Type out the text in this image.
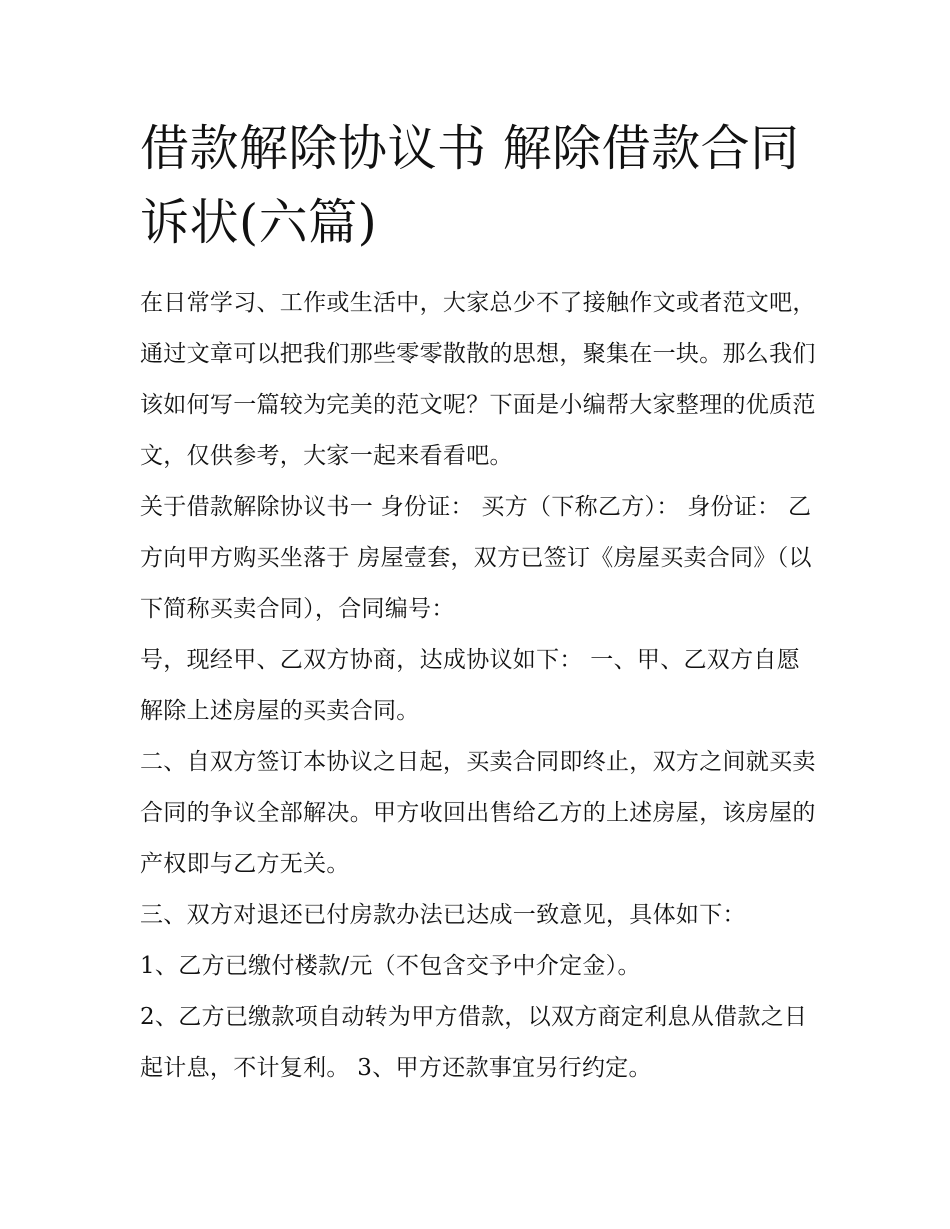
借款解除协议书 解除借款合同诉状(六篇)

在日常学习、工作或生活中，大家总少不了接触作文或者范文吧，通过文章可以把我们那些零零散散的思想，聚集在一块。那么我们该如何写一篇较为完美的范文呢？下面是小编帮大家整理的优质范文，仅供参考，大家一起来看看吧。

关于借款解除协议书一 身份证： 买方（下称乙方）： 身份证： 乙方向甲方购买坐落于 房屋壹套，双方已签订《房屋买卖合同》（以下简称买卖合同），合同编号：

号，现经甲、乙双方协商，达成协议如下： 一、甲、乙双方自愿解除上述房屋的买卖合同。

二、自双方签订本协议之日起，买卖合同即终止，双方之间就买卖合同的争议全部解决。甲方收回出售给乙方的上述房屋，该房屋的产权即与乙方无关。

三、双方对退还已付房款办法已达成一致意见，具体如下：

1、乙方已缴付楼款/元（不包含交予中介定金）。

2、乙方已缴款项自动转为甲方借款，以双方商定利息从借款之日起计息，不计复利。 3、甲方还款事宜另行约定。
